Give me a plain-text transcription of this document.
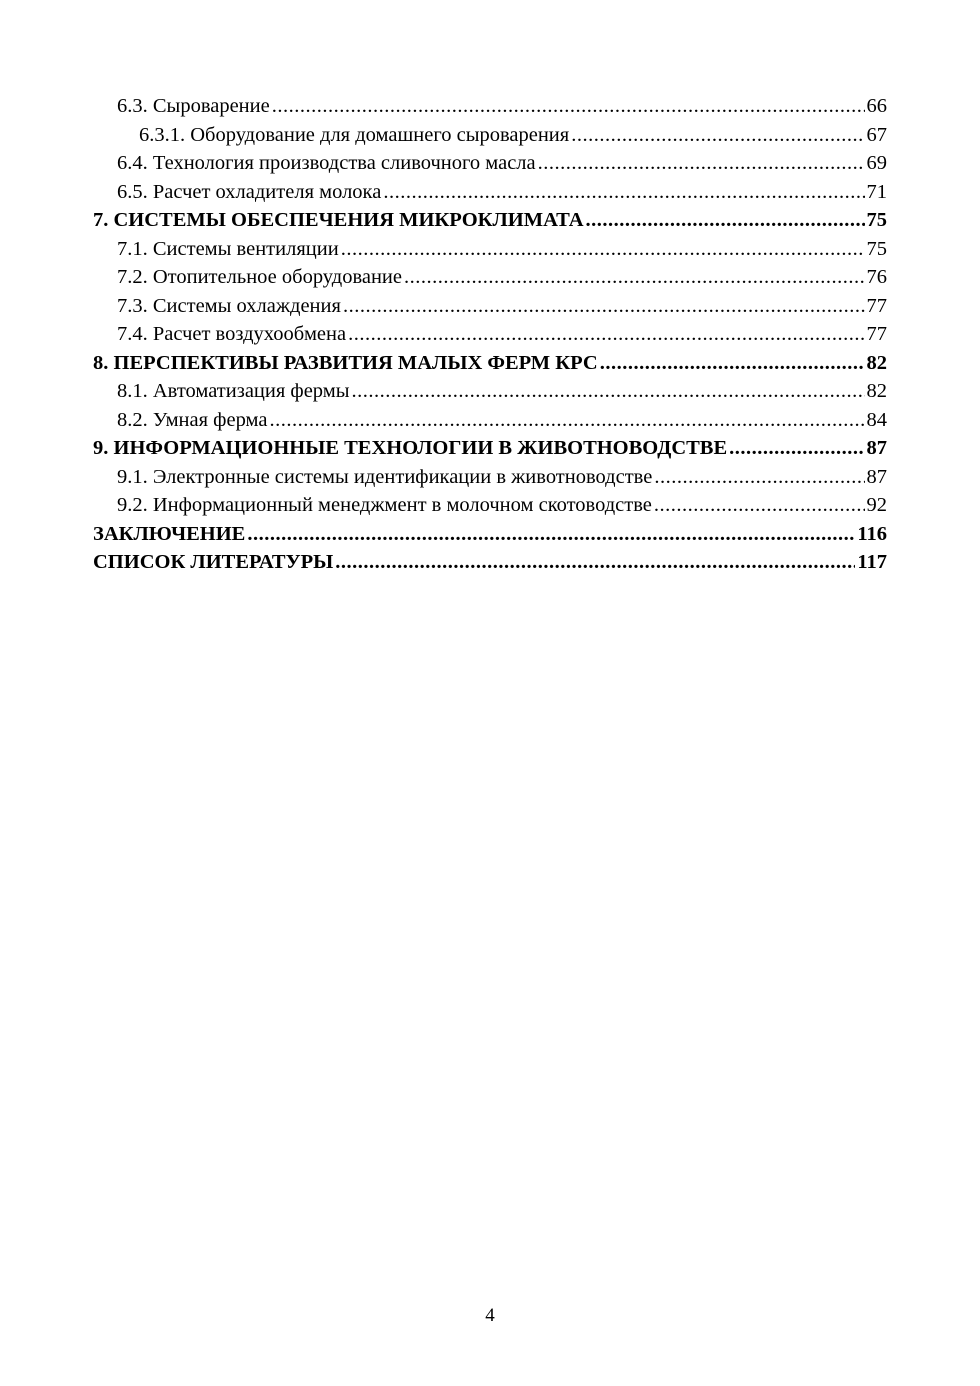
6.3. Сыроварение .....	66
6.3.1. Оборудование для домашнего сыроварения .....	67
6.4. Технология производства сливочного масла .....	69
6.5. Расчет охладителя молока .....	71
7. СИСТЕМЫ ОБЕСПЕЧЕНИЯ МИКРОКЛИМАТА .....	75
7.1. Системы вентиляции .....	75
7.2. Отопительное оборудование .....	76
7.3. Системы охлаждения .....	77
7.4. Расчет воздухообмена .....	77
8. ПЕРСПЕКТИВЫ РАЗВИТИЯ МАЛЫХ ФЕРМ КРС .....	82
8.1. Автоматизация фермы .....	82
8.2. Умная ферма .....	84
9. ИНФОРМАЦИОННЫЕ ТЕХНОЛОГИИ В ЖИВОТНОВОДСТВЕ .....	87
9.1. Электронные системы идентификации в животноводстве .....	87
9.2. Информационный менеджмент в молочном скотоводстве .....	92
ЗАКЛЮЧЕНИЕ .....	116
СПИСОК ЛИТЕРАТУРЫ .....	117
4
